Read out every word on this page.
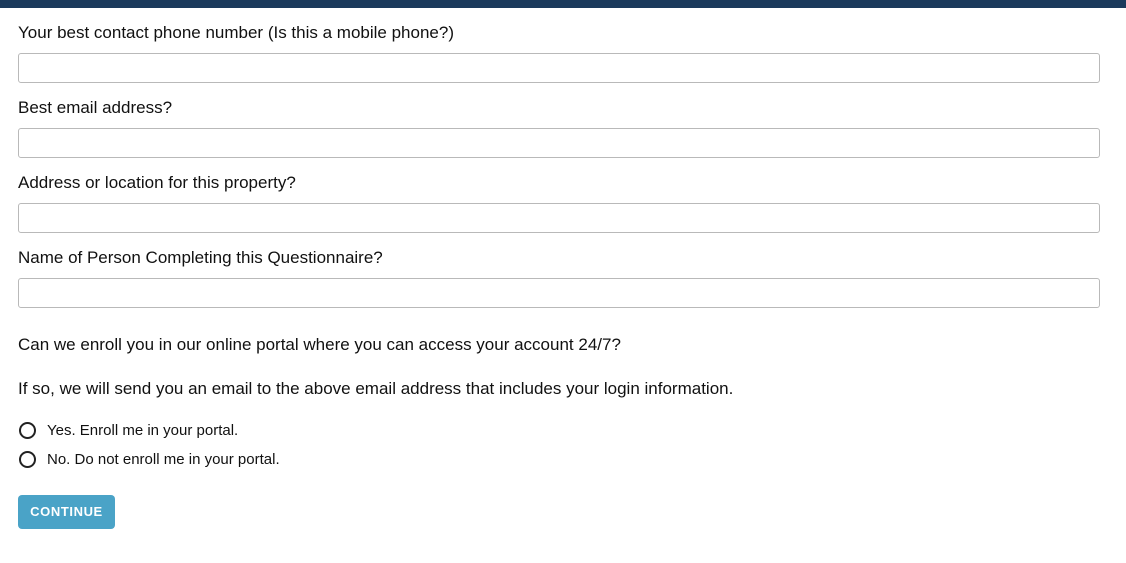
Your best contact phone number (Is this a mobile phone?)
Best email address?
Address or location for this property?
Name of Person Completing this Questionnaire?
Can we enroll you in our online portal where you can access your account 24/7?
If so, we will send you an email to the above email address that includes your login information.
Yes. Enroll me in your portal.
No. Do not enroll me in your portal.
CONTINUE
